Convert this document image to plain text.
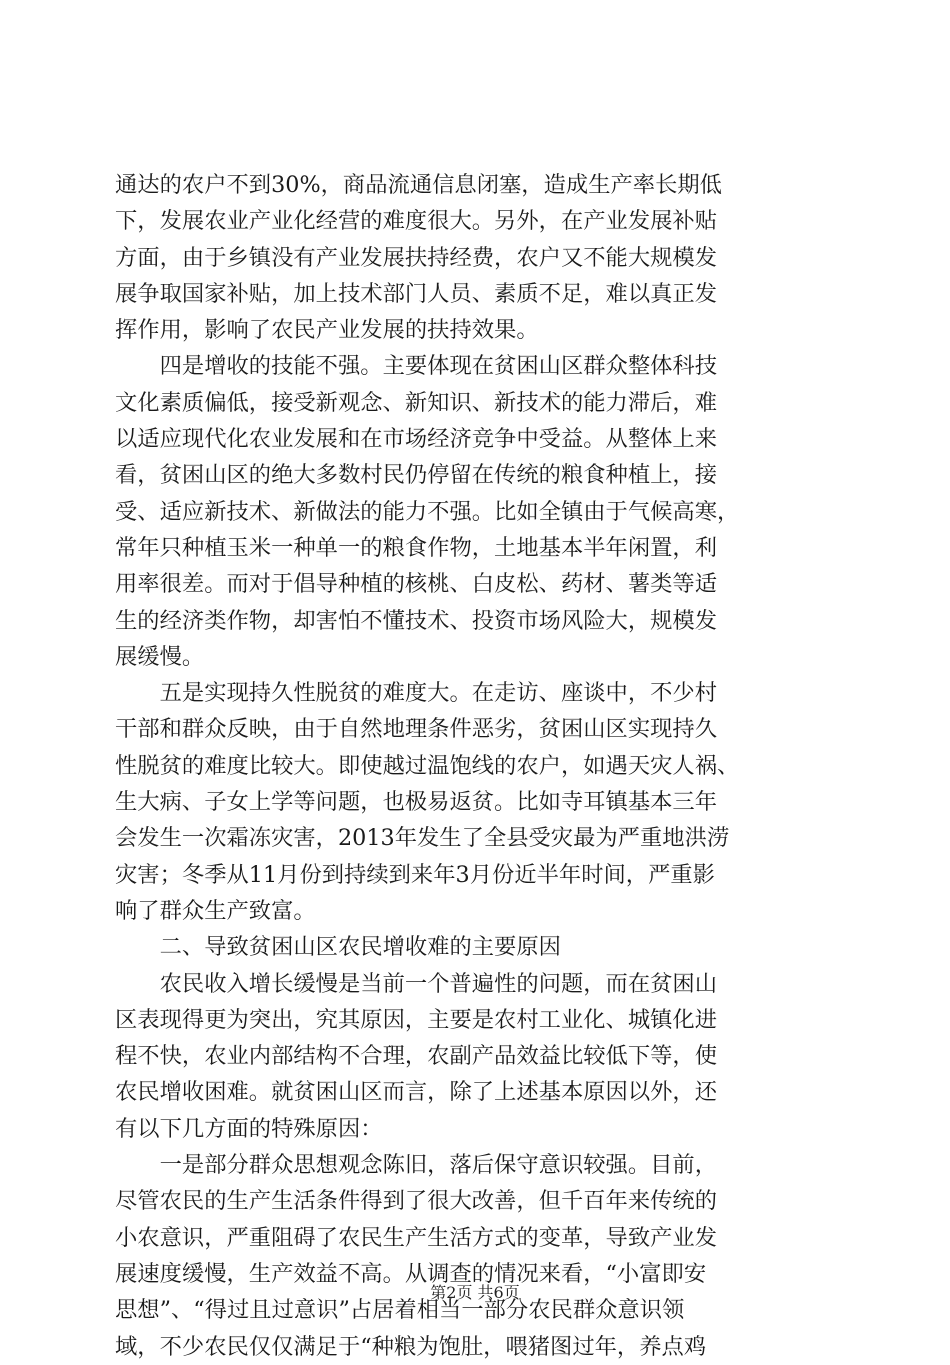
通达的农户不到30%，商品流通信息闭塞，造成生产率长期低
下，发展农业产业化经营的难度很大。另外，在产业发展补贴
方面，由于乡镇没有产业发展扶持经费，农户又不能大规模发
展争取国家补贴，加上技术部门人员、素质不足，难以真正发
挥作用，影响了农民产业发展的扶持效果。
　　四是增收的技能不强。主要体现在贫困山区群众整体科技
文化素质偏低，接受新观念、新知识、新技术的能力滞后，难
以适应现代化农业发展和在市场经济竞争中受益。从整体上来
看，贫困山区的绝大多数村民仍停留在传统的粮食种植上，接
受、适应新技术、新做法的能力不强。比如全镇由于气候高寒，
常年只种植玉米一种单一的粮食作物，土地基本半年闲置，利
用率很差。而对于倡导种植的核桃、白皮松、药材、薯类等适
生的经济类作物，却害怕不懂技术、投资市场风险大，规模发
展缓慢。
　　五是实现持久性脱贫的难度大。在走访、座谈中，不少村
干部和群众反映，由于自然地理条件恶劣，贫困山区实现持久
性脱贫的难度比较大。即使越过温饱线的农户，如遇天灾人祸、
生大病、子女上学等问题，也极易返贫。比如寺耳镇基本三年
会发生一次霜冻灾害，2013年发生了全县受灾最为严重地洪涝
灾害；冬季从11月份到持续到来年3月份近半年时间，严重影
响了群众生产致富。
　　二、导致贫困山区农民增收难的主要原因
　　农民收入增长缓慢是当前一个普遍性的问题，而在贫困山
区表现得更为突出，究其原因，主要是农村工业化、城镇化进
程不快，农业内部结构不合理，农副产品效益比较低下等，使
农民增收困难。就贫困山区而言，除了上述基本原因以外，还
有以下几方面的特殊原因：
　　一是部分群众思想观念陈旧，落后保守意识较强。目前，
尽管农民的生产生活条件得到了很大改善，但千百年来传统的
小农意识，严重阻碍了农民生产生活方式的变革，导致产业发
展速度缓慢，生产效益不高。从调查的情况来看，“小富即安
思想”、“得过且过意识”占居着相当一部分农民群众意识领
域，不少农民仅仅满足于“种粮为饱肚，喂猪图过年，养点鸡
第2页 共6页
